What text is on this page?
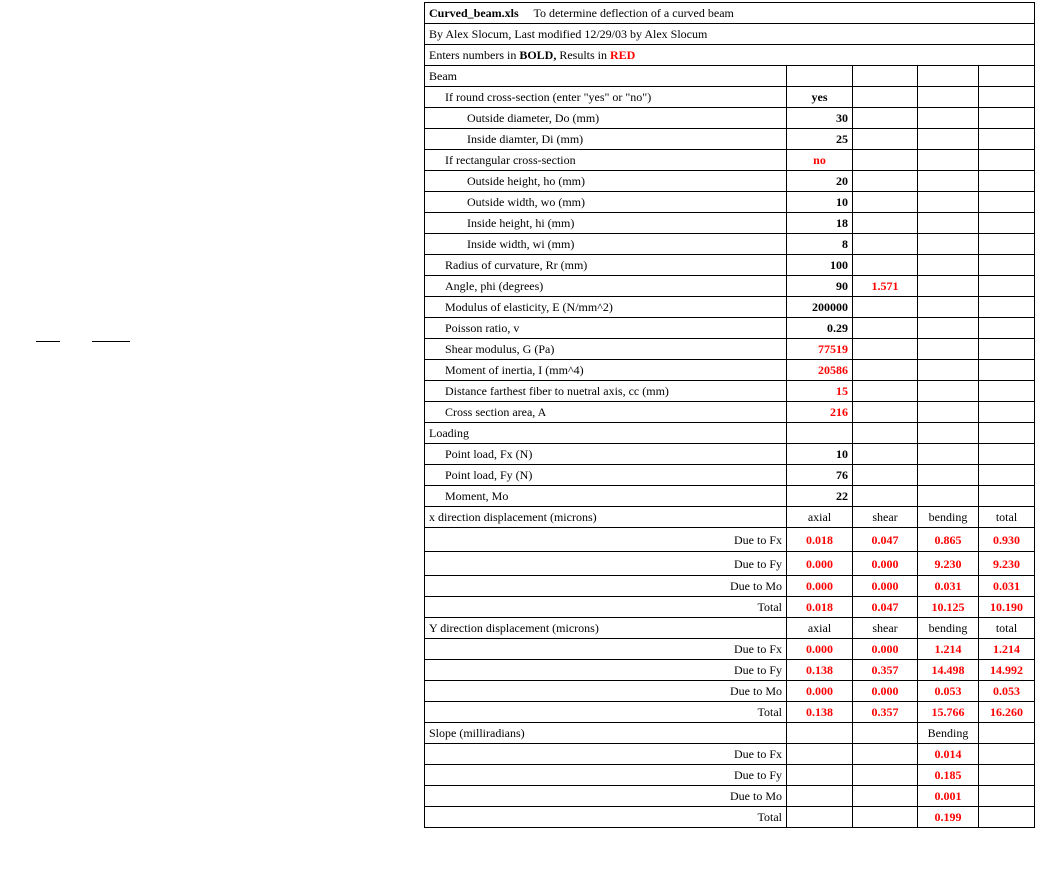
Curved_beam.xls To determine deflection of a curved beam				
By Alex Slocum, Last modified 12/29/03 by Alex Slocum				
Enters numbers in BOLD, Results in RED				
Beam				
If round cross-section (enter "yes" or "no")	yes			
Outside diameter, Do (mm)	30			
Inside diamter, Di (mm)	25			
If rectangular cross-section	no			
Outside height, ho (mm)	20			
Outside width, wo (mm)	10			
Inside height, hi (mm)	18			
Inside width, wi (mm)	8			
Radius of curvature, Rr (mm)	100			
Angle, phi (degrees)	90	1.571		
Modulus of elasticity, E (N/mm^2)	200000			
Poisson ratio, v	0.29			
Shear modulus, G (Pa)	77519			
Moment of inertia, I (mm^4)	20586			
Distance farthest fiber to nuetral axis, cc (mm)	15			
Cross section area, A	216			
Loading				
Point load, Fx (N)	10			
Point load, Fy (N)	76			
Moment, Mo	22			
x direction displacement (microns)	axial	shear	bending	total
Due to Fx	0.018	0.047	0.865	0.930
Due to Fy	0.000	0.000	9.230	9.230
Due to Mo	0.000	0.000	0.031	0.031
Total	0.018	0.047	10.125	10.190
Y direction displacement (microns)	axial	shear	bending	total
Due to Fx	0.000	0.000	1.214	1.214
Due to Fy	0.138	0.357	14.498	14.992
Due to Mo	0.000	0.000	0.053	0.053
Total	0.138	0.357	15.766	16.260
Slope (milliradians)			Bending	
Due to Fx			0.014	
Due to Fy			0.185	
Due to Mo			0.001	
Total			0.199	
